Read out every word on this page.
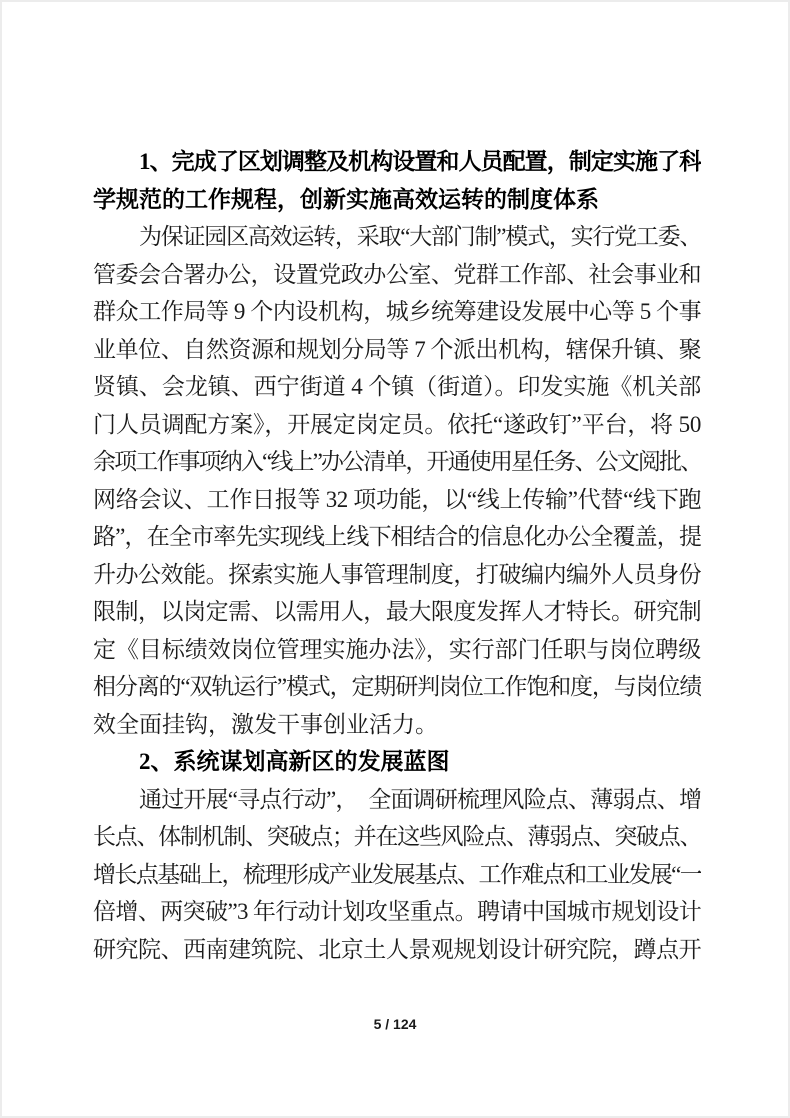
1、完成了区划调整及机构设置和人员配置，制定实施了科
学规范的工作规程，创新实施高效运转的制度体系
为保证园区高效运转，采取“大部门制”模式，实行党工委、
管委会合署办公，设置党政办公室、党群工作部、社会事业和
群众工作局等 9 个内设机构，城乡统筹建设发展中心等 5 个事
业单位、自然资源和规划分局等 7 个派出机构，辖保升镇、聚
贤镇、会龙镇、西宁街道 4 个镇（街道）。印发实施《机关部
门人员调配方案》，开展定岗定员。依托“遂政钉”平台，将 50
余项工作事项纳入“线上”办公清单，开通使用星任务、公文阅批、
网络会议、工作日报等 32 项功能，以“线上传输”代替“线下跑
路”，在全市率先实现线上线下相结合的信息化办公全覆盖，提
升办公效能。探索实施人事管理制度，打破编内编外人员身份
限制，以岗定需、以需用人，最大限度发挥人才特长。研究制
定《目标绩效岗位管理实施办法》，实行部门任职与岗位聘级
相分离的“双轨运行”模式，定期研判岗位工作饱和度，与岗位绩
效全面挂钩，激发干事创业活力。
2、系统谋划高新区的发展蓝图
通过开展“寻点行动”，　全面调研梳理风险点、薄弱点、增
长点、体制机制、突破点；并在这些风险点、薄弱点、突破点、
增长点基础上，梳理形成产业发展基点、工作难点和工业发展“一
倍增、两突破”3 年行动计划攻坚重点。聘请中国城市规划设计
研究院、西南建筑院、北京土人景观规划设计研究院，蹲点开
5 / 124
